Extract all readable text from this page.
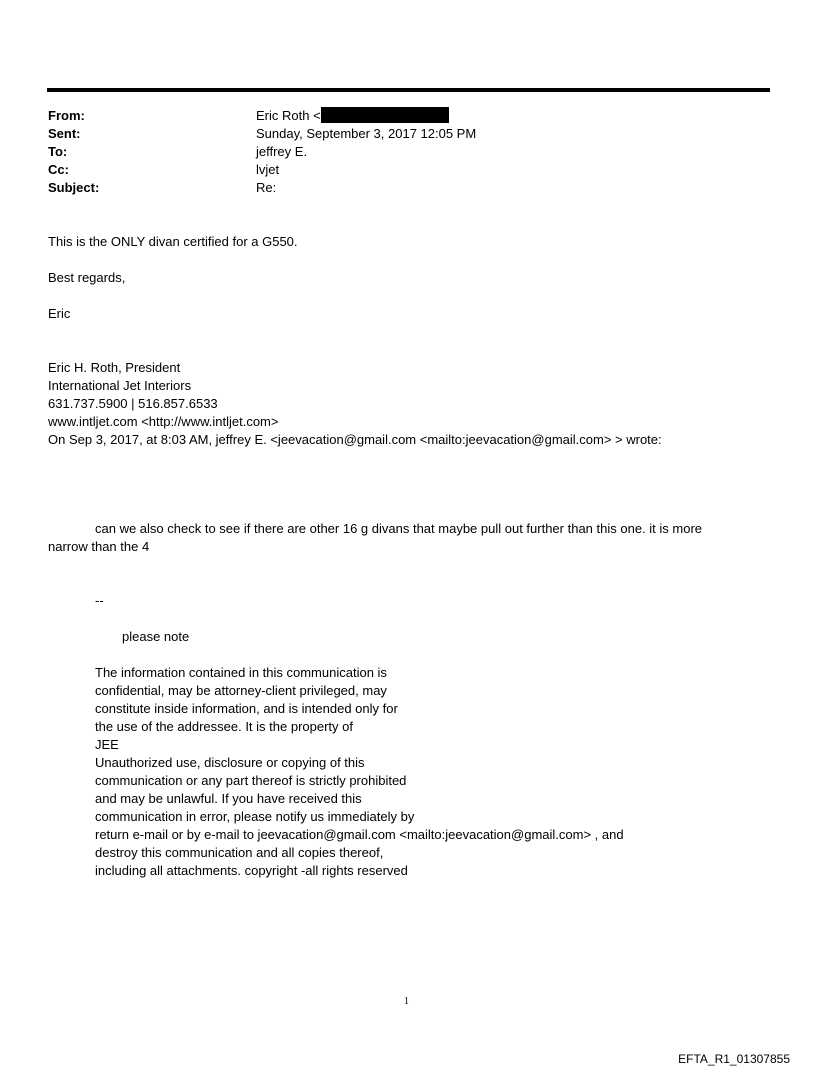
From:	Eric Roth <
Sent:	Sunday, September 3, 2017 12:05 PM
To:	jeffrey E.
Cc:	lvjet
Subject:	Re:
This is the ONLY divan certified for a G550.
Best regards,
Eric
Eric H. Roth, President
International Jet Interiors
631.737.5900 | 516.857.6533
www.intljet.com <http://www.intljet.com>
On Sep 3, 2017, at 8:03 AM, jeffrey E. <jeevacation@gmail.com <mailto:jeevacation@gmail.com> > wrote:
can we also check to see if there are other 16 g divans that maybe pull out further than this one. it is more
narrow than the 4
--
please note
The information contained in this communication is
confidential, may be attorney-client privileged, may
constitute inside information, and is intended only for
the use of the addressee. It is the property of
JEE
Unauthorized use, disclosure or copying of this
communication or any part thereof is strictly prohibited
and may be unlawful. If you have received this
communication in error, please notify us immediately by
return e-mail or by e-mail to jeevacation@gmail.com <mailto:jeevacation@gmail.com> , and
destroy this communication and all copies thereof,
including all attachments. copyright -all rights reserved
1
EFTA_R1_01307855
